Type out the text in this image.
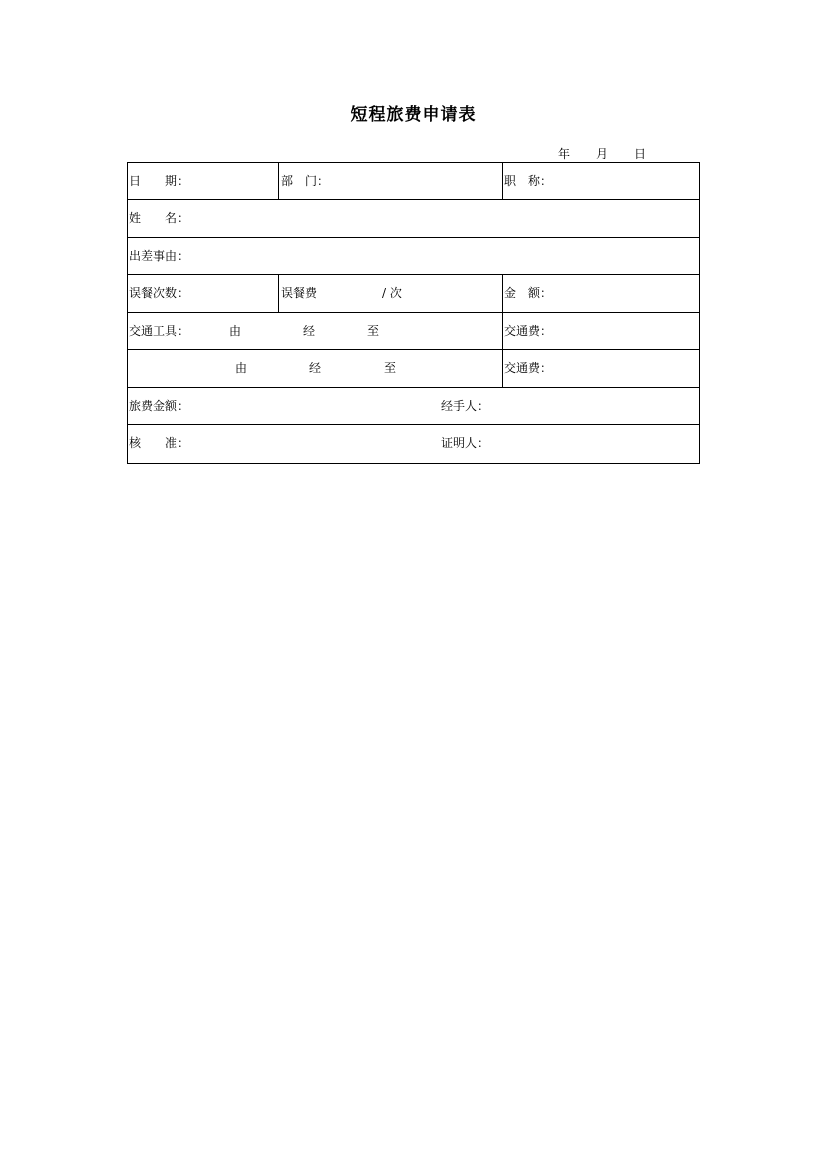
短程旅费申请表
年 月 日
日　　期：	部　门：	职　称：
姓　　名：
出差事由：
误餐次数：	误餐费	/ 次	金　额：
交通工具：	由	经	至	交通费：
由	经	至	交通费：
旅费金额：	经手人：
核　　准：	证明人：
